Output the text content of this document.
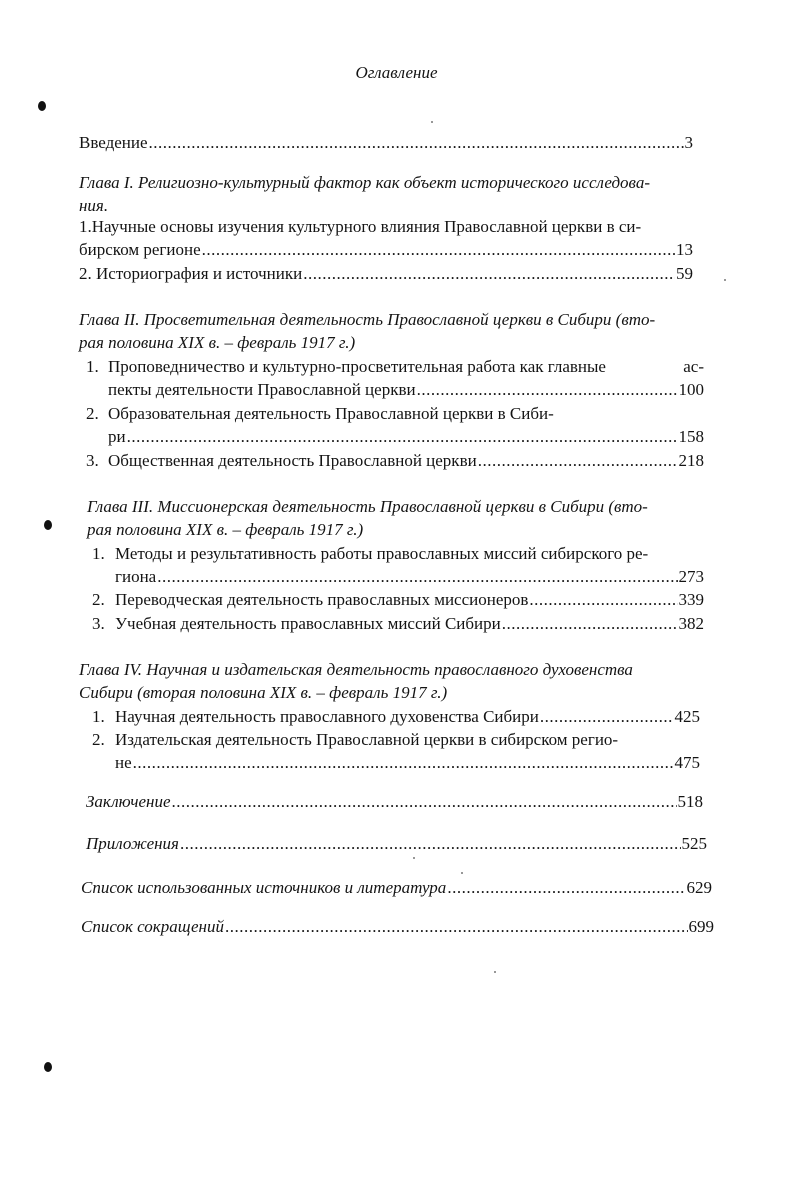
Оглавление
Введение .....	3
Глава I. Религиозно-культурный фактор как объект исторического исследова-
ния.
1.Научные основы изучения культурного влияния Православной церкви в си-
бирском регионе .....	13
2. Историография и источники .....	59
Глава II. Просветительная деятельность Православной церкви в Сибири (вто-
рая половина XIX в. – февраль 1917 г.)
1. Проповедничество и культурно-просветительная работа как главные	ас-
пекты деятельности Православной церкви .....	100
2. Образовательная деятельность Православной церкви в Сиби-
ри .....	158
3. Общественная деятельность Православной церкви .....	218
Глава III. Миссионерская деятельность Православной церкви в Сибири (вто-
рая половина XIX в. – февраль 1917 г.)
1. Методы и результативность работы православных миссий сибирского ре-
гиона .....	273
2. Переводческая деятельность православных миссионеров .....	339
3. Учебная деятельность православных миссий Сибири .....	382
Глава IV. Научная и издательская деятельность православного духовенства
Сибири (вторая половина XIX в. – февраль 1917 г.)
1. Научная деятельность православного духовенства Сибири .....	425
2. Издательская деятельность Православной церкви в сибирском регио-
не .....	475
Заключение .....	518
Приложения .....	525
Список использованных источников и литература .....	629
Список сокращений .....	699
